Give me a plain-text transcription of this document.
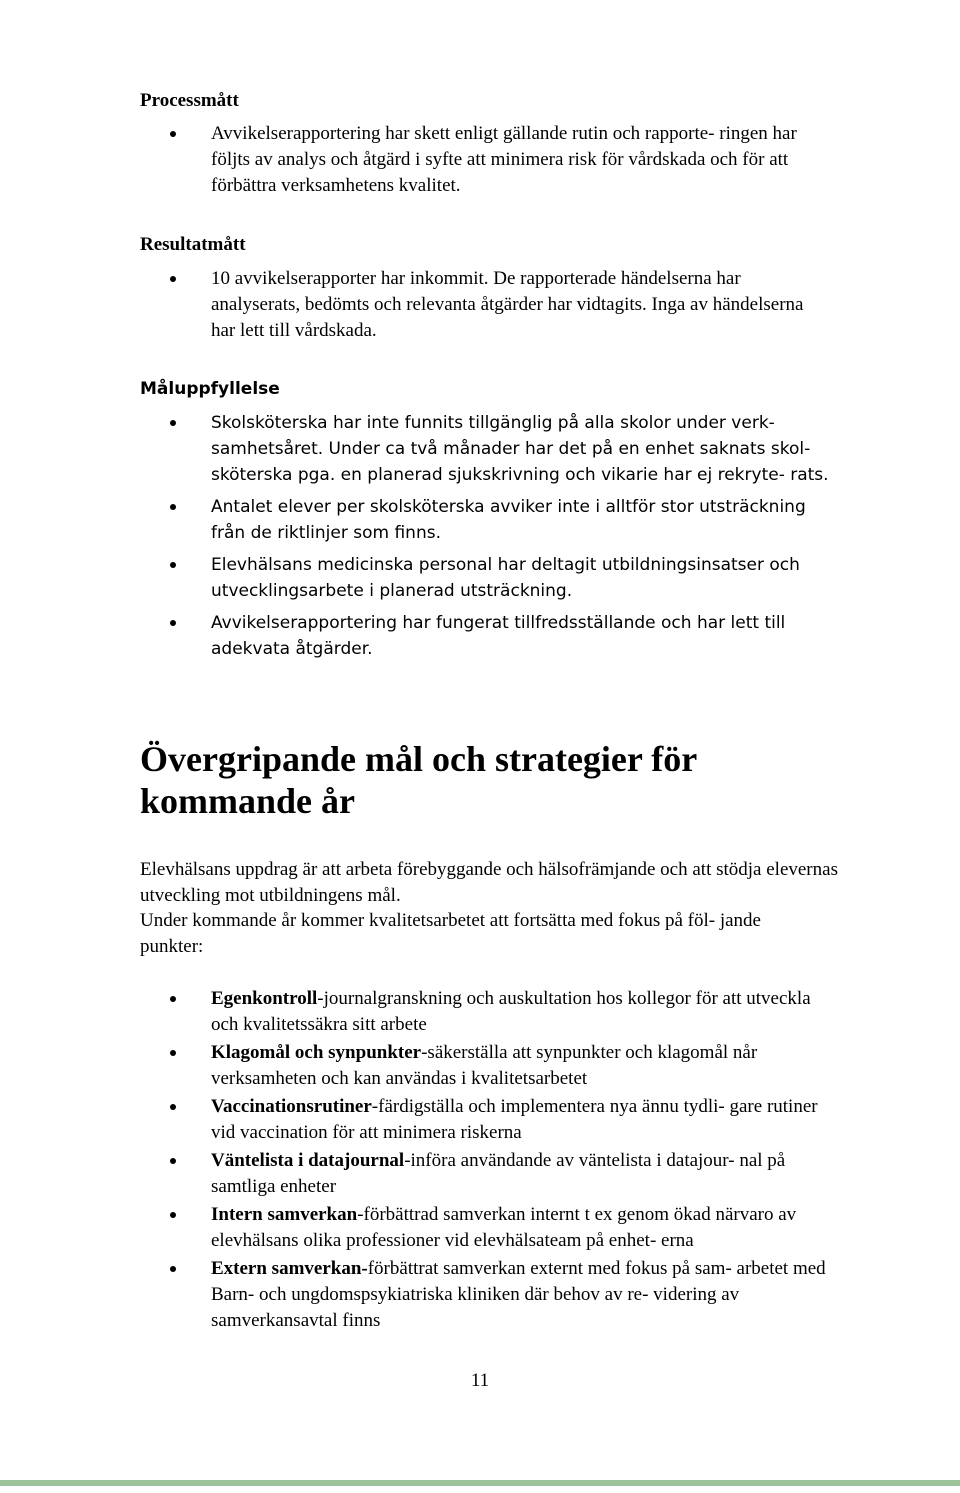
Processmått
Avvikelserapportering har skett enligt gällande rutin och rapporte- ringen har följts av analys och åtgärd i syfte att minimera risk för vårdskada och för att förbättra verksamhetens kvalitet.
Resultatmått
10 avvikelserapporter har inkommit. De rapporterade händelserna har analyserats, bedömts och relevanta åtgärder har vidtagits. Inga av händelserna har lett till vårdskada.
Måluppfyllelse
Skolsköterska har inte funnits tillgänglig på alla skolor under verk- samhetsåret. Under ca två månader har det på en enhet saknats skol- sköterska pga. en planerad sjukskrivning och vikarie har ej rekryte- rats.
Antalet elever per skolsköterska avviker inte i alltför stor utsträckning från de riktlinjer som finns.
Elevhälsans medicinska personal har deltagit utbildningsinsatser och utvecklingsarbete i planerad utsträckning.
Avvikelserapportering har fungerat tillfredsställande och har lett till adekvata åtgärder.
Övergripande mål och strategier för kommande år
Elevhälsans uppdrag är att arbeta förebyggande och hälsofrämjande och att stödja elevernas utveckling mot utbildningens mål.
Under kommande år kommer kvalitetsarbetet att fortsätta med fokus på föl- jande punkter:
Egenkontroll-journalgranskning och auskultation hos kollegor för att utveckla och kvalitetssäkra sitt arbete
Klagomål och synpunkter-säkerställa att synpunkter och klagomål når verksamheten och kan användas i kvalitetsarbetet
Vaccinationsrutiner-färdigställa och implementera nya ännu tydli- gare rutiner vid vaccination för att minimera riskerna
Väntelista i datajournal-införa användande av väntelista i datajour- nal på samtliga enheter
Intern samverkan-förbättrad samverkan internt t ex genom ökad närvaro av elevhälsans olika professioner vid elevhälsateam på enhet- erna
Extern samverkan-förbättrat samverkan externt med fokus på sam- arbetet med Barn- och ungdomspsykiatriska kliniken där behov av re- videring av samverkansavtal finns
11
